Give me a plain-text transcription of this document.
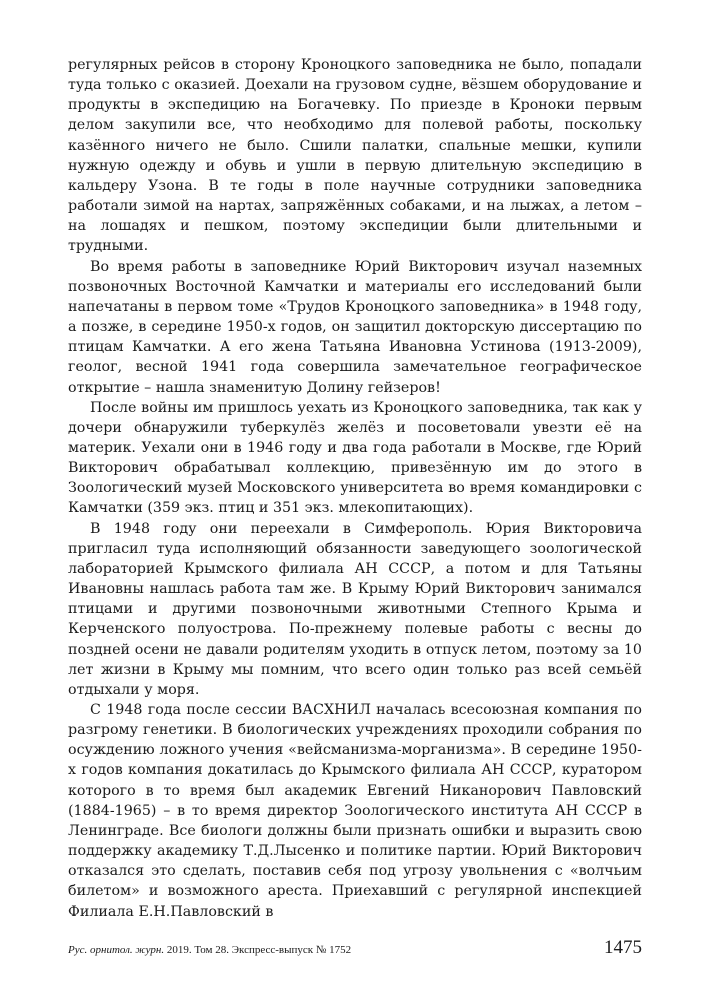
регулярных рейсов в сторону Кроноцкого заповедника не было, попадали туда только с оказией. Доехали на грузовом судне, вёзшем оборудование и продукты в экспедицию на Богачевку. По приезде в Кроноки первым делом закупили все, что необходимо для полевой работы, поскольку казённого ничего не было. Сшили палатки, спальные мешки, купили нужную одежду и обувь и ушли в первую длительную экспедицию в кальдеру Узона. В те годы в поле научные сотрудники заповедника работали зимой на нартах, запряжённых собаками, и на лыжах, а летом – на лошадях и пешком, поэтому экспедиции были длительными и трудными.

Во время работы в заповеднике Юрий Викторович изучал наземных позвоночных Восточной Камчатки и материалы его исследований были напечатаны в первом томе «Трудов Кроноцкого заповедника» в 1948 году, а позже, в середине 1950-х годов, он защитил докторскую диссертацию по птицам Камчатки. А его жена Татьяна Ивановна Устинова (1913-2009), геолог, весной 1941 года совершила замечательное географическое открытие – нашла знаменитую Долину гейзеров!

После войны им пришлось уехать из Кроноцкого заповедника, так как у дочери обнаружили туберкулёз желёз и посоветовали увезти её на материк. Уехали они в 1946 году и два года работали в Москве, где Юрий Викторович обрабатывал коллекцию, привезённую им до этого в Зоологический музей Московского университета во время командировки с Камчатки (359 экз. птиц и 351 экз. млекопитающих).

В 1948 году они переехали в Симферополь. Юрия Викторовича пригласил туда исполняющий обязанности заведующего зоологической лабораторией Крымского филиала АН СССР, а потом и для Татьяны Ивановны нашлась работа там же. В Крыму Юрий Викторович занимался птицами и другими позвоночными животными Степного Крыма и Керченского полуострова. По-прежнему полевые работы с весны до поздней осени не давали родителям уходить в отпуск летом, поэтому за 10 лет жизни в Крыму мы помним, что всего один только раз всей семьёй отдыхали у моря.

С 1948 года после сессии ВАСХНИЛ началась всесоюзная компания по разгрому генетики. В биологических учреждениях проходили собрания по осуждению ложного учения «вейсманизма-морганизма». В середине 1950-х годов компания докатилась до Крымского филиала АН СССР, куратором которого в то время был академик Евгений Никанорович Павловский (1884-1965) – в то время директор Зоологического института АН СССР в Ленинграде. Все биологи должны были признать ошибки и выразить свою поддержку академику Т.Д.Лысенко и политике партии. Юрий Викторович отказался это сделать, поставив себя под угрозу увольнения с «волчьим билетом» и возможного ареста. Приехавший с регулярной инспекцией Филиала Е.Н.Павловский в

Рус. орнитол. журн. 2019. Том 28. Экспресс-выпуск № 1752	1475
